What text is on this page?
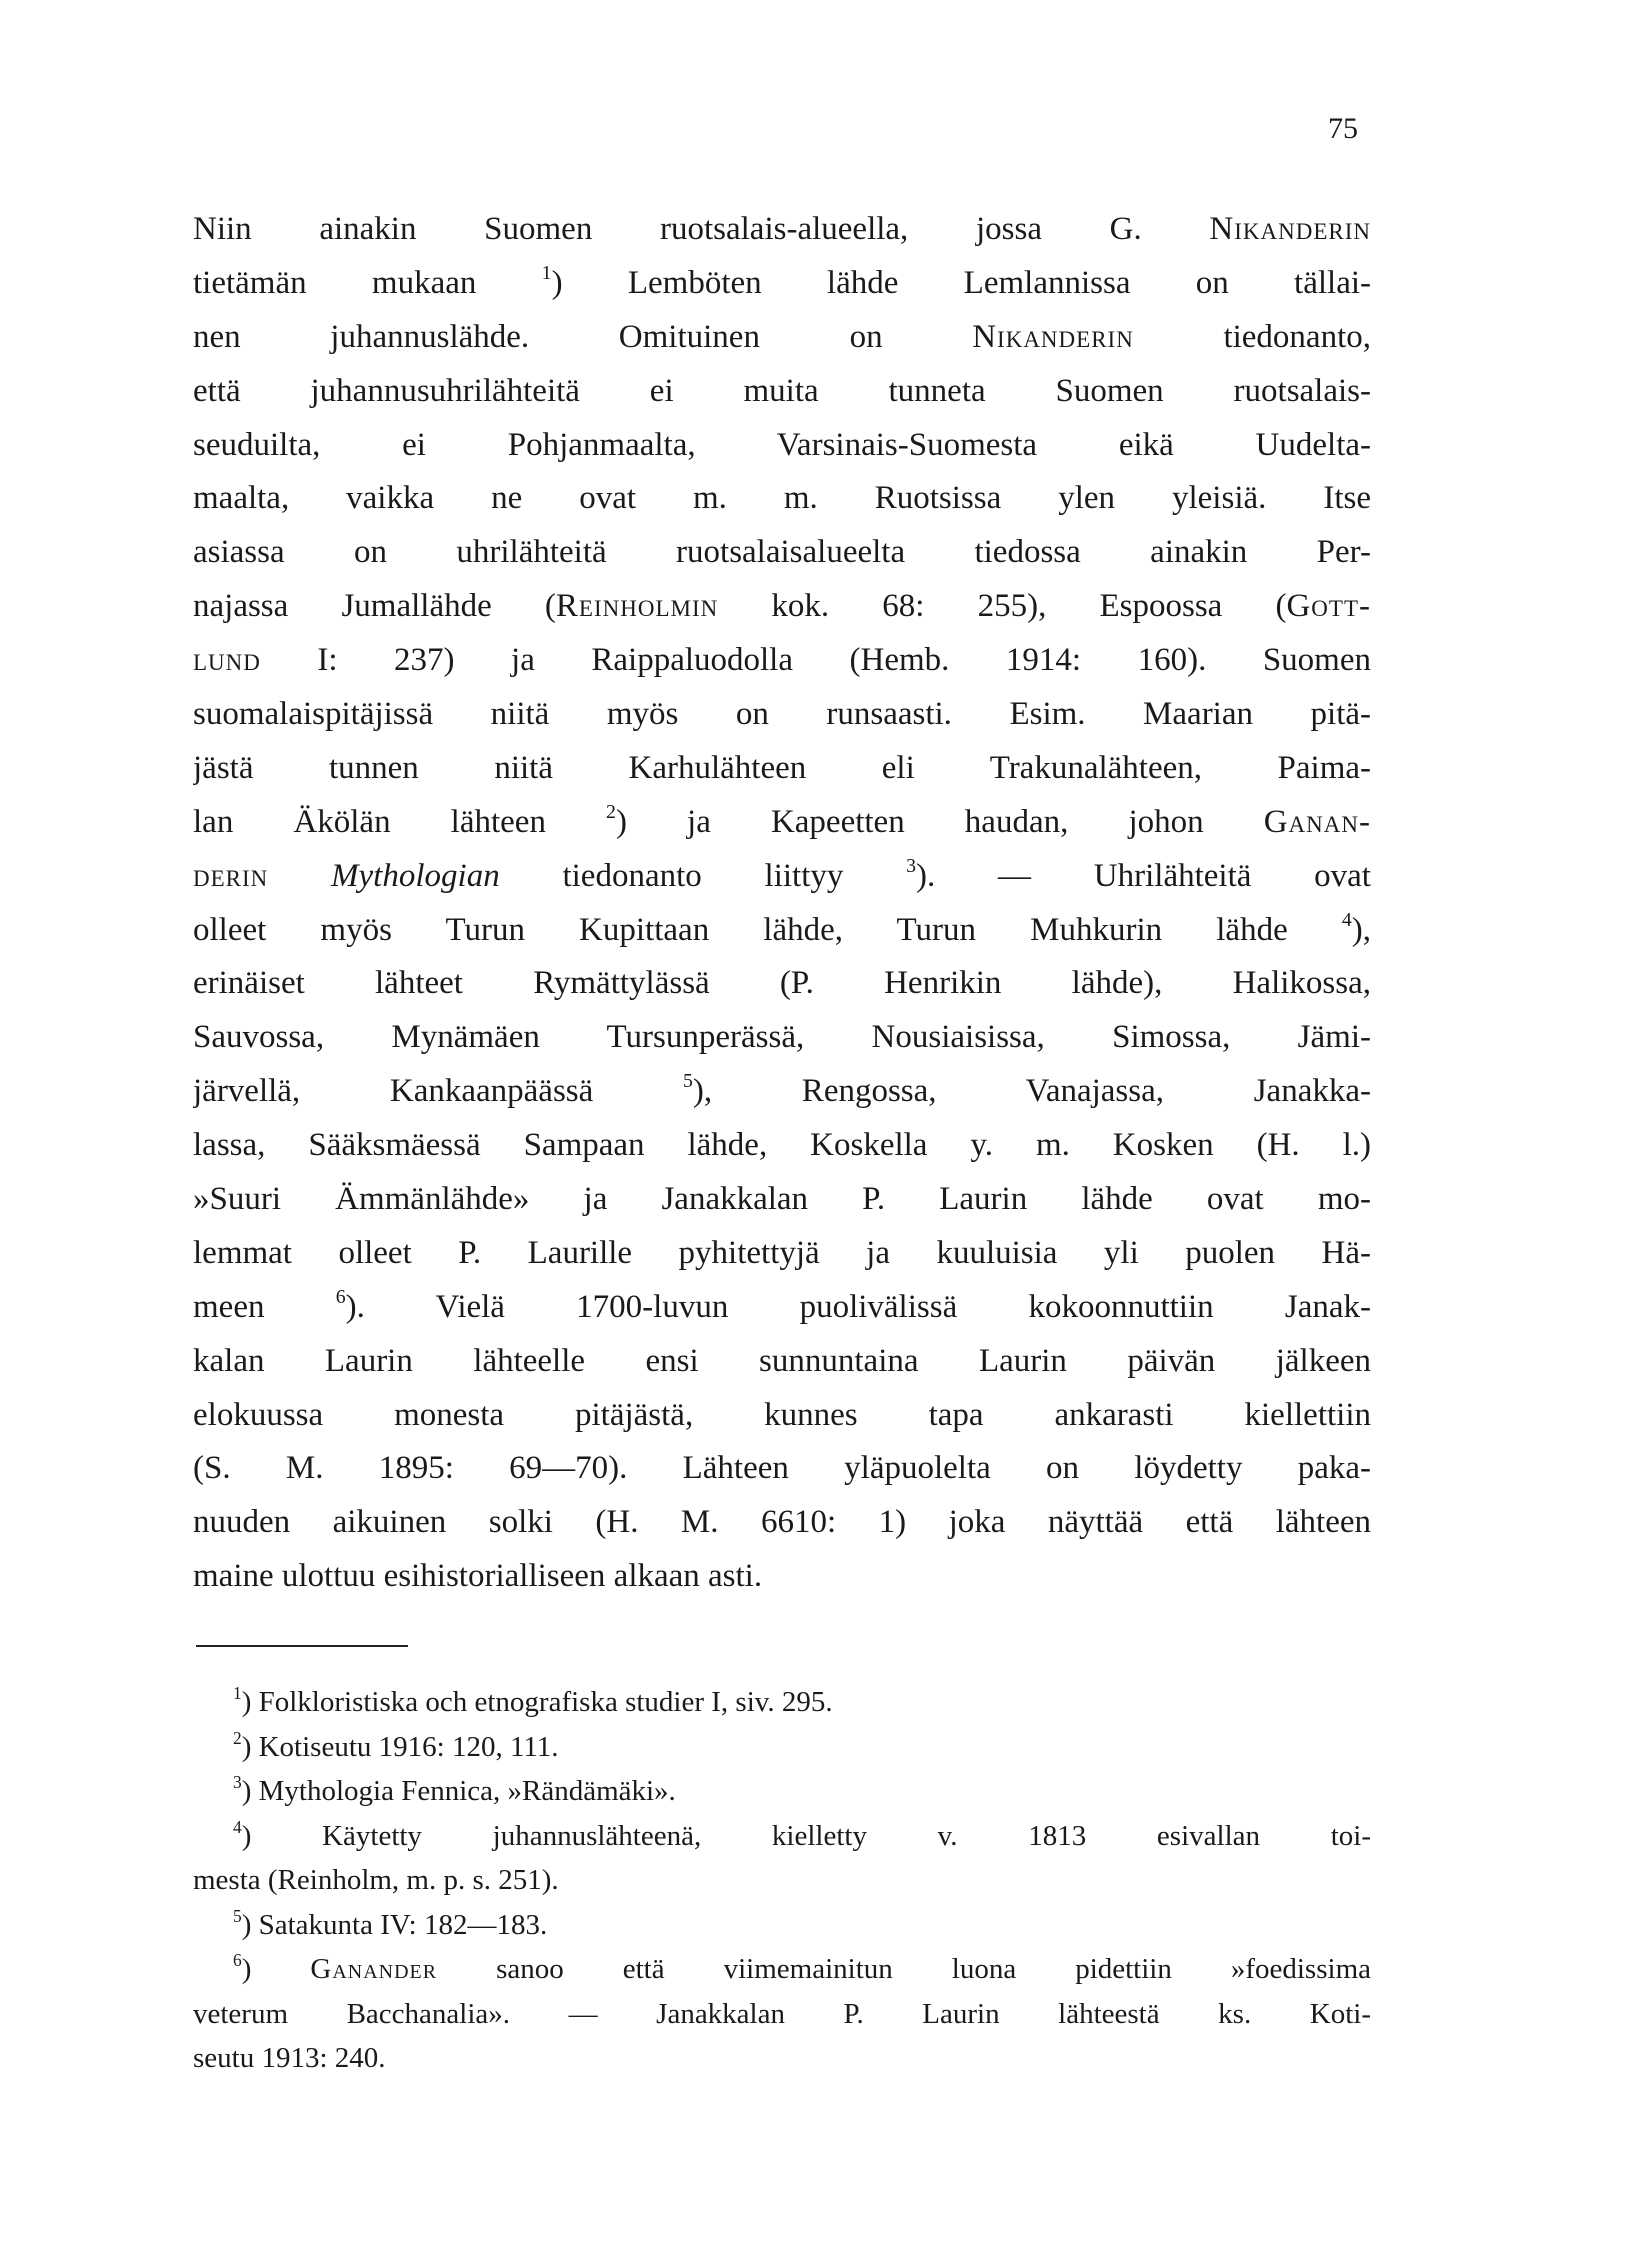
75
Niin ainakin Suomen ruotsalais-alueella, jossa G. Nikanderin
tietämän mukaan $^1$) Lemböten lähde Lemlannissa on tällai-
nen juhannuslähde. Omituinen on Nikanderin tiedonanto,
että juhannusuhrilähteitä ei muita tunneta Suomen ruotsalais-
seuduilta, ei Pohjanmaalta, Varsinais-Suomesta eikä Uudelta-
maalta, vaikka ne ovat m. m. Ruotsissa ylen yleisiä. Itse
asiassa on uhrilähteitä ruotsalaisalueelta tiedossa ainakin Per-
najassa Jumallähde (Reinholmin kok. 68: 255), Espoossa (Gott-
lund I: 237) ja Raippaluodolla (Hemb. 1914: 160). Suomen
suomalaispitäjissä niitä myös on runsaasti. Esim. Maarian pitä-
jästä tunnen niitä Karhulähteen eli Trakunalähteen, Paima-
lan Äkölän lähteen $^2$) ja Kapeetten haudan, johon Ganan-
derin Mythologian tiedonanto liittyy $^3$). — Uhrilähteitä ovat
olleet myös Turun Kupittaan lähde, Turun Muhkurin lähde $^4$),
erinäiset lähteet Rymättylässä (P. Henrikin lähde), Halikossa,
Sauvossa, Mynämäen Tursunperässä, Nousiaisissa, Simossa, Jämi-
järvellä, Kankaanpäässä $^5$), Rengossa, Vanajassa, Janakka-
lassa, Sääksmäessä Sampaan lähde, Koskella y. m. Kosken (H. l.)
»Suuri Ämmänlähde» ja Janakkalan P. Laurin lähde ovat mo-
lemmat olleet P. Laurille pyhitettyjä ja kuuluisia yli puolen Hä-
meen $^6$). Vielä 1700-luvun puolivälissä kokoonnuttiin Janak-
kalan Laurin lähteelle ensi sunnuntaina Laurin päivän jälkeen
elokuussa monesta pitäjästä, kunnes tapa ankarasti kiellettiin
(S. M. 1895: 69—70). Lähteen yläpuolelta on löydetty paka-
nuuden aikuinen solki (H. M. 6610: 1) joka näyttää että lähteen
maine ulottuu esihistorialliseen alkaan asti.
$^1$) Folkloristiska och etnografiska studier I, siv. 295.
$^2$) Kotiseutu 1916: 120, 111.
$^3$) Mythologia Fennica, »Rändämäki».
$^4$) Käytetty juhannuslähteenä, kielletty v. 1813 esivallan toi-
mesta (Reinholm, m. p. s. 251).
$^5$) Satakunta IV: 182—183.
$^6$) Ganander sanoo että viimemainitun luona pidettiin »foedissima
veterum Bacchanalia». — Janakkalan P. Laurin lähteestä ks. Koti-
seutu 1913: 240.
